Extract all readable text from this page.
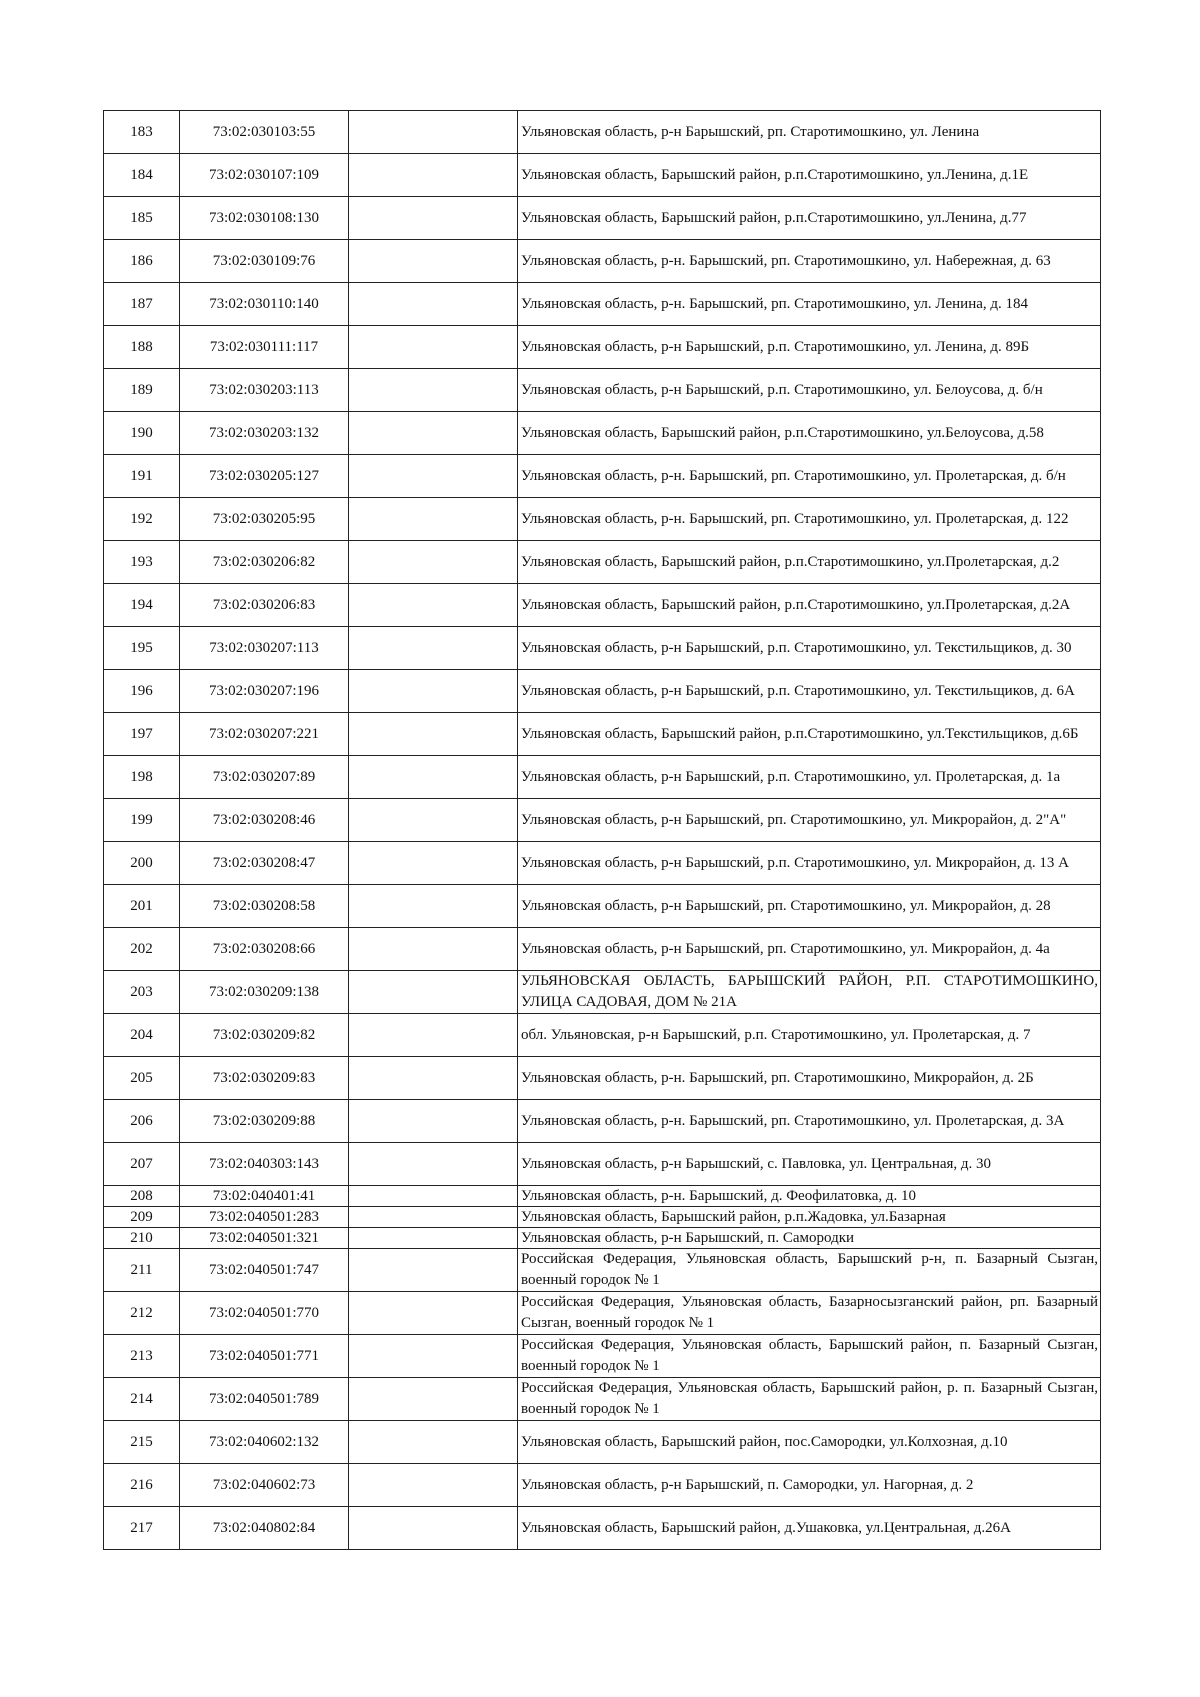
183	73:02:030103:55		Ульяновская область, р-н Барышский, рп. Старотимошкино, ул. Ленина
184	73:02:030107:109		Ульяновская область, Барышский район, р.п.Старотимошкино, ул.Ленина, д.1Е
185	73:02:030108:130		Ульяновская область, Барышский район, р.п.Старотимошкино, ул.Ленина, д.77
186	73:02:030109:76		Ульяновская область, р-н. Барышский, рп. Старотимошкино, ул. Набережная, д. 63
187	73:02:030110:140		Ульяновская область, р-н. Барышский, рп. Старотимошкино, ул. Ленина, д. 184
188	73:02:030111:117		Ульяновская область, р-н Барышский, р.п. Старотимошкино, ул. Ленина, д. 89Б
189	73:02:030203:113		Ульяновская область, р-н Барышский, р.п. Старотимошкино, ул. Белоусова, д. б/н
190	73:02:030203:132		Ульяновская область, Барышский район, р.п.Старотимошкино, ул.Белоусова, д.58
191	73:02:030205:127		Ульяновская область, р-н. Барышский, рп. Старотимошкино, ул. Пролетарская, д. б/н
192	73:02:030205:95		Ульяновская область, р-н. Барышский, рп. Старотимошкино, ул. Пролетарская, д. 122
193	73:02:030206:82		Ульяновская область, Барышский район, р.п.Старотимошкино, ул.Пролетарская, д.2
194	73:02:030206:83		Ульяновская область, Барышский район, р.п.Старотимошкино, ул.Пролетарская, д.2А
195	73:02:030207:113		Ульяновская область, р-н Барышский, р.п. Старотимошкино, ул. Текстильщиков, д. 30
196	73:02:030207:196		Ульяновская область, р-н Барышский, р.п. Старотимошкино, ул. Текстильщиков, д. 6А
197	73:02:030207:221		Ульяновская область, Барышский район, р.п.Старотимошкино, ул.Текстильщиков, д.6Б
198	73:02:030207:89		Ульяновская область, р-н Барышский, р.п. Старотимошкино, ул. Пролетарская, д. 1а
199	73:02:030208:46		Ульяновская область, р-н Барышский, рп. Старотимошкино, ул. Микрорайон, д. 2"А"
200	73:02:030208:47		Ульяновская область, р-н Барышский, р.п. Старотимошкино, ул. Микрорайон, д. 13 А
201	73:02:030208:58		Ульяновская область, р-н Барышский, рп. Старотимошкино, ул. Микрорайон, д. 28
202	73:02:030208:66		Ульяновская область, р-н Барышский, рп. Старотимошкино, ул. Микрорайон, д. 4а
203	73:02:030209:138		УЛЬЯНОВСКАЯ ОБЛАСТЬ, БАРЫШСКИЙ РАЙОН, Р.П. СТАРОТИМОШКИНО, УЛИЦА САДОВАЯ, ДОМ № 21А
204	73:02:030209:82		обл. Ульяновская, р-н Барышский, р.п. Старотимошкино, ул. Пролетарская, д. 7
205	73:02:030209:83		Ульяновская область, р-н. Барышский, рп. Старотимошкино, Микрорайон, д. 2Б
206	73:02:030209:88		Ульяновская область, р-н. Барышский, рп. Старотимошкино, ул. Пролетарская, д. 3А
207	73:02:040303:143		Ульяновская область, р-н Барышский, с. Павловка, ул. Центральная, д. 30
208	73:02:040401:41		Ульяновская область, р-н. Барышский, д. Феофилатовка, д. 10
209	73:02:040501:283		Ульяновская область, Барышский район, р.п.Жадовка, ул.Базарная
210	73:02:040501:321		Ульяновская область, р-н Барышский, п. Самородки
211	73:02:040501:747		Российская Федерация, Ульяновская область, Барышский р-н, п. Базарный Сызган, военный городок № 1
212	73:02:040501:770		Российская Федерация, Ульяновская область, Базарносызганский район, рп. Базарный Сызган, военный городок № 1
213	73:02:040501:771		Российская Федерация, Ульяновская область, Барышский район, п. Базарный Сызган, военный городок № 1
214	73:02:040501:789		Российская Федерация, Ульяновская область, Барышский район, р. п. Базарный Сызган, военный городок № 1
215	73:02:040602:132		Ульяновская область, Барышский район, пос.Самородки, ул.Колхозная, д.10
216	73:02:040602:73		Ульяновская область, р-н Барышский, п. Самородки, ул. Нагорная, д. 2
217	73:02:040802:84		Ульяновская область, Барышский район, д.Ушаковка, ул.Центральная, д.26А
